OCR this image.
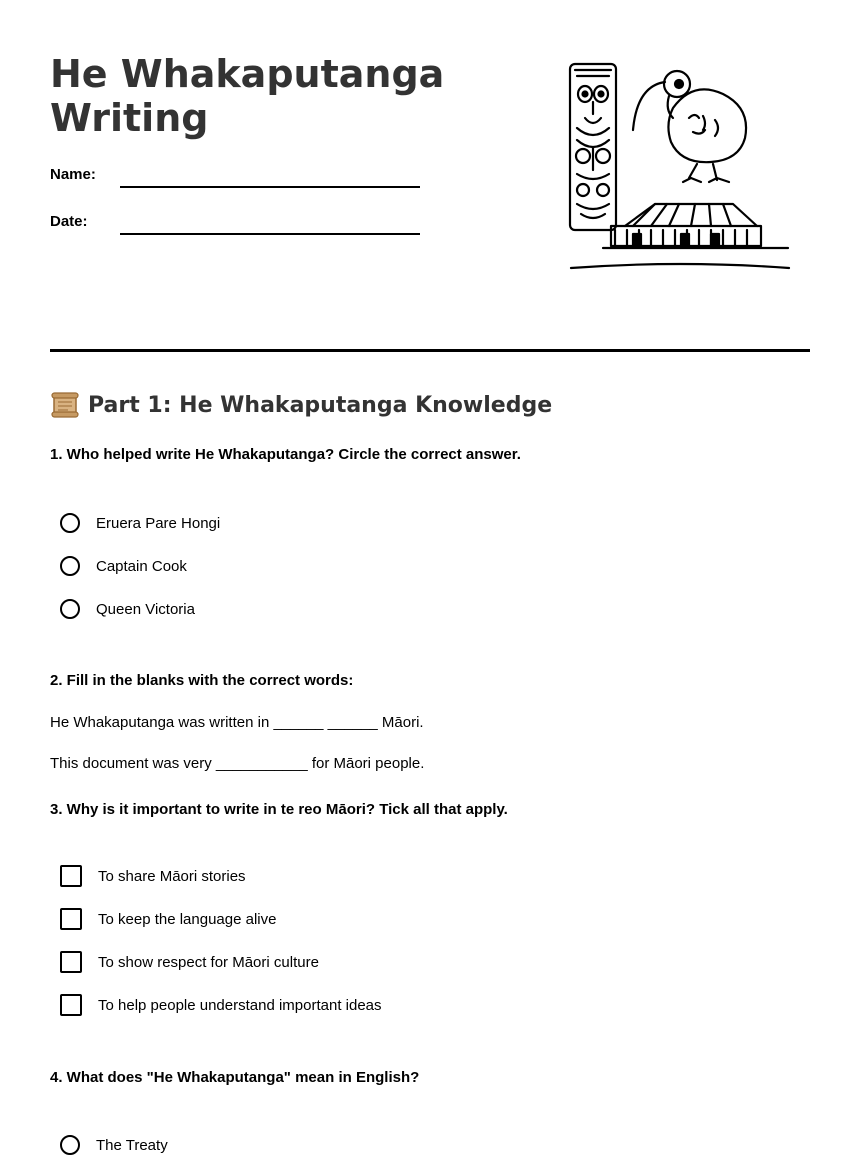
He Whakaputanga
Writing
Name:
Date:
Part 1: He Whakaputanga Knowledge

1. Who helped write He Whakaputanga? Circle the correct answer.

Eruera Pare Hongi
Captain Cook
Queen Victoria

2. Fill in the blanks with the correct words:

He Whakaputanga was written in ______ ______ Māori.

This document was very ___________ for Māori people.

3. Why is it important to write in te reo Māori? Tick all that apply.

To share Māori stories
To keep the language alive
To show respect for Māori culture
To help people understand important ideas

4. What does "He Whakaputanga" mean in English?

The Treaty
